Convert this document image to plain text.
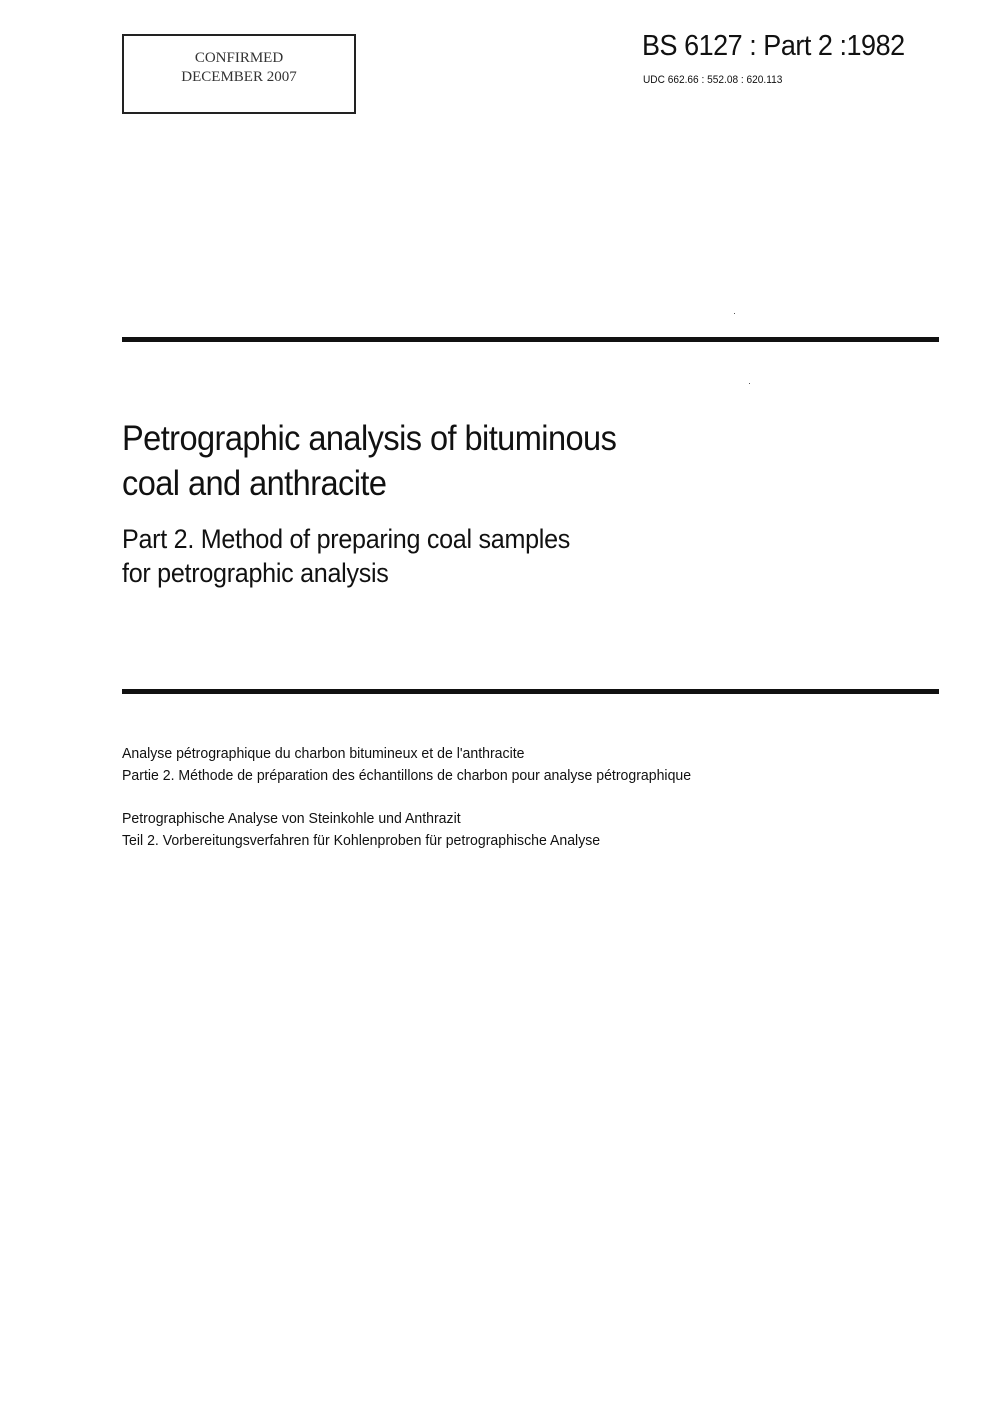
CONFIRMED
DECEMBER 2007
BS 6127 : Part 2 :1982
UDC 662.66 : 552.08 : 620.113
Petrographic analysis of bituminous
coal and anthracite
Part 2. Method of preparing coal samples
for petrographic analysis
Analyse pétrographique du charbon bitumineux et de l'anthracite
Partie 2. Méthode de préparation des échantillons de charbon pour analyse pétrographique
Petrographische Analyse von Steinkohle und Anthrazit
Teil 2. Vorbereitungsverfahren für Kohlenproben für petrographische Analyse
